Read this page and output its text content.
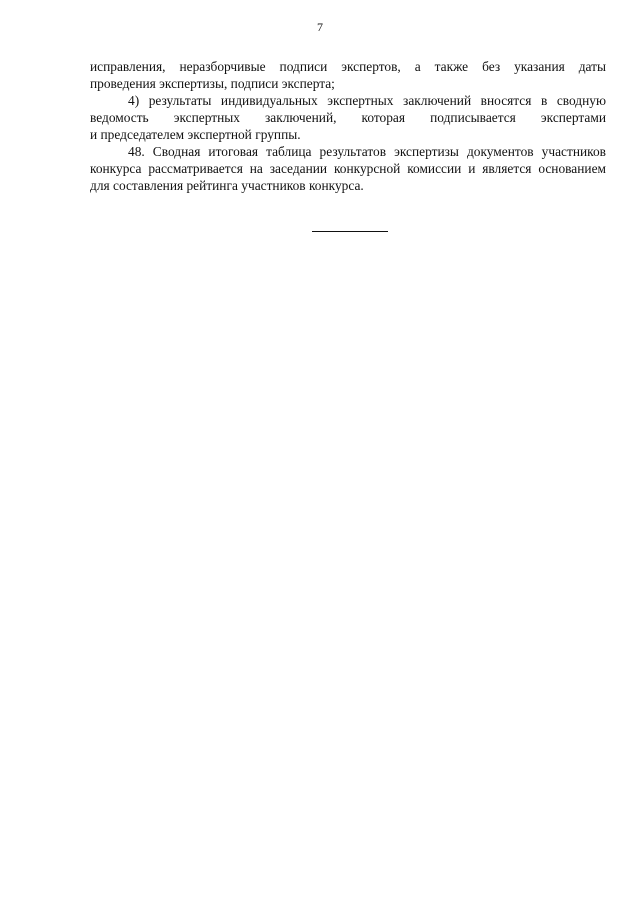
7

исправления, неразборчивые подписи экспертов, а также без указания даты
проведения экспертизы, подписи эксперта;

4) результаты индивидуальных экспертных заключений вносятся в сводную
ведомость экспертных заключений, которая подписывается экспертами
и председателем экспертной группы.

48. Сводная итоговая таблица результатов экспертизы документов участников
конкурса рассматривается на заседании конкурсной комиссии и является основанием
для составления рейтинга участников конкурса.
